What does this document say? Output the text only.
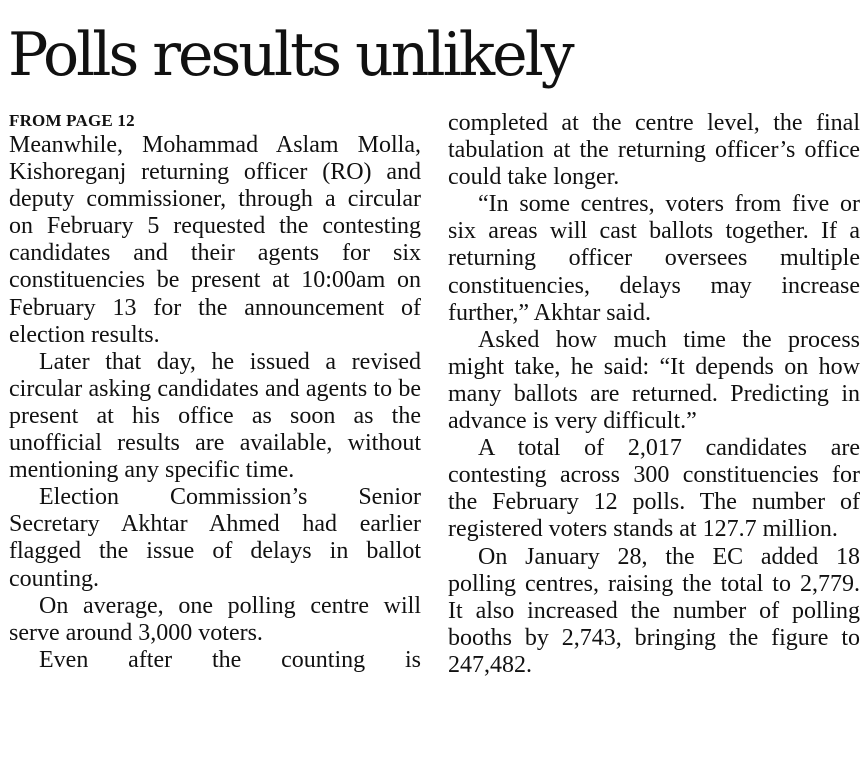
Polls results unlikely
FROM PAGE 12

Meanwhile, Mohammad Aslam Molla, Kishoreganj returning officer (RO) and deputy commissioner, through a circular on February 5 requested the contesting candidates and their agents for six constituencies be present at 10:00am on February 13 for the announcement of election results.

Later that day, he issued a revised circular asking candidates and agents to be present at his office as soon as the unofficial results are available, without mentioning any specific time.

Election Commission’s Senior Secretary Akhtar Ahmed had earlier flagged the issue of delays in ballot counting.

On average, one polling centre will serve around 3,000 voters.

Even after the counting is

completed at the centre level, the final tabulation at the returning officer’s office could take longer.

“In some centres, voters from five or six areas will cast ballots together. If a returning officer oversees multiple constituencies, delays may increase further,” Akhtar said.

Asked how much time the process might take, he said: “It depends on how many ballots are returned. Predicting in advance is very difficult.”

A total of 2,017 candidates are contesting across 300 constituencies for the February 12 polls. The number of registered voters stands at 127.7 million.

On January 28, the EC added 18 polling centres, raising the total to 2,779. It also increased the number of polling booths by 2,743, bringing the figure to 247,482.
